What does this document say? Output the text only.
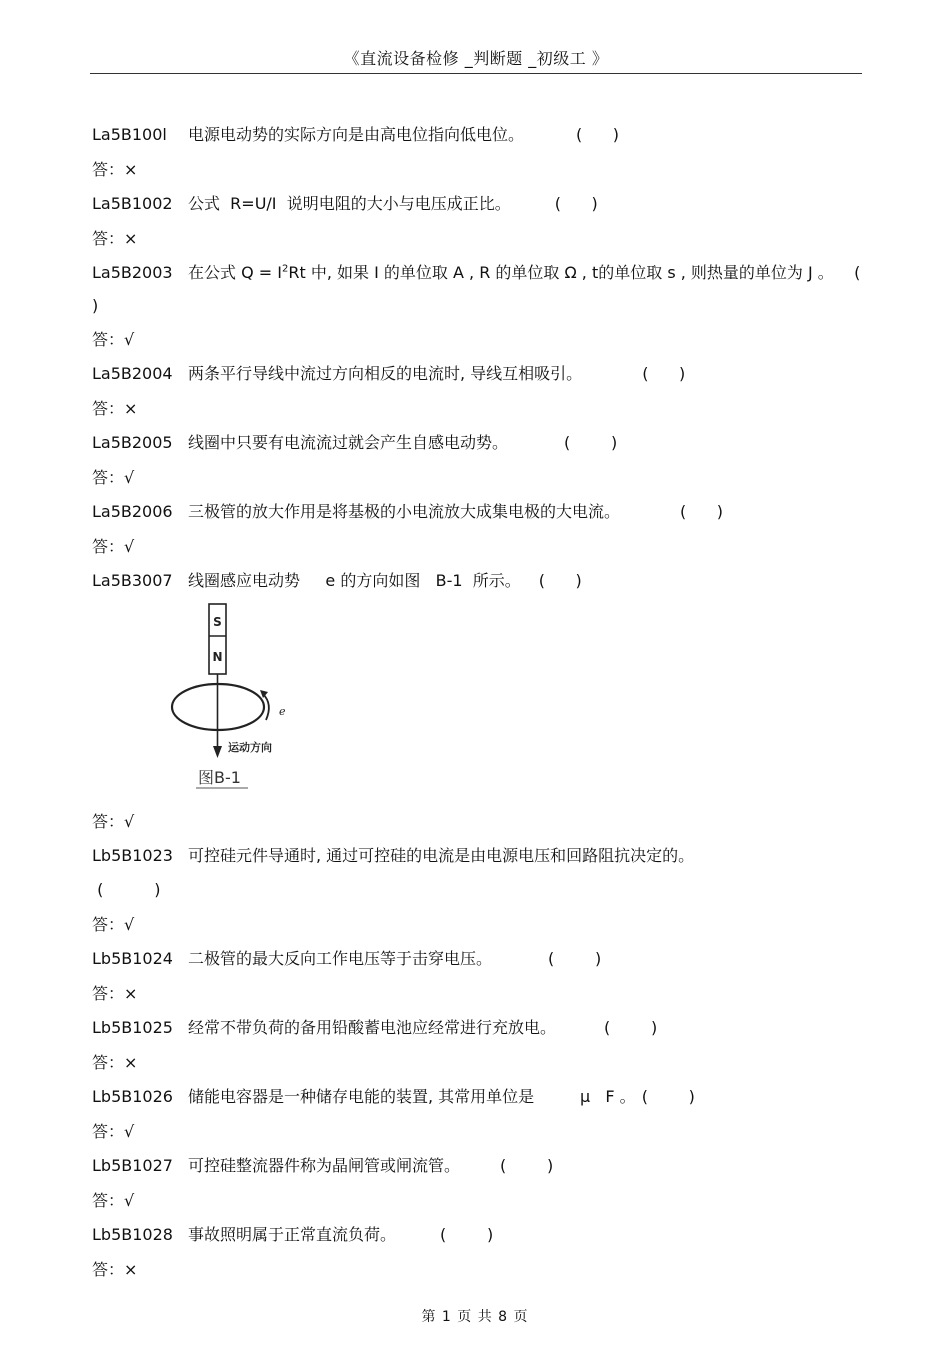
《直流设备检修 _判断题 _初级工 》
La5B100l 电源电动势的实际方向是由高电位指向低电位。	(      )
答：×
La5B1002 公式  R=U/I  说明电阻的大小与电压成正比。	(      )
答：×
La5B2003 在公式 $Q = I^2Rt$ 中, 如果 I 的单位取 A , R 的单位取 Ω , t的单位取 s , 则热量的单位为 J 。 ( )
答：√
La5B2004 两条平行导线中流过方向相反的电流时, 导线互相吸引。	(      )
答：×
La5B2005 线圈中只要有电流流过就会产生自感电动势。	(        )
答：√
La5B2006 三极管的放大作用是将基极的小电流放大成集电极的大电流。	(      )
答：√
La5B3007 线圈感应电动势     e 的方向如图   B-1  所示。 (      )
S
N
e
运动方向
图B-1
答：√
Lb5B1023 可控硅元件导通时, 通过可控硅的电流是由电源电压和回路阻抗决定的。
(          )
答：√
Lb5B1024 二极管的最大反向工作电压等于击穿电压。	(        )
答：×
Lb5B1025 经常不带负荷的备用铅酸蓄电池应经常进行充放电。	(        )
答：×
Lb5B1026 储能电容器是一种储存电能的装置, 其常用单位是         μ   F 。 (        )
答：√
Lb5B1027 可控硅整流器件称为晶闸管或闸流管。	(        )
答：√
Lb5B1028 事故照明属于正常直流负荷。	(        )
答：×
第 1 页 共 8 页
